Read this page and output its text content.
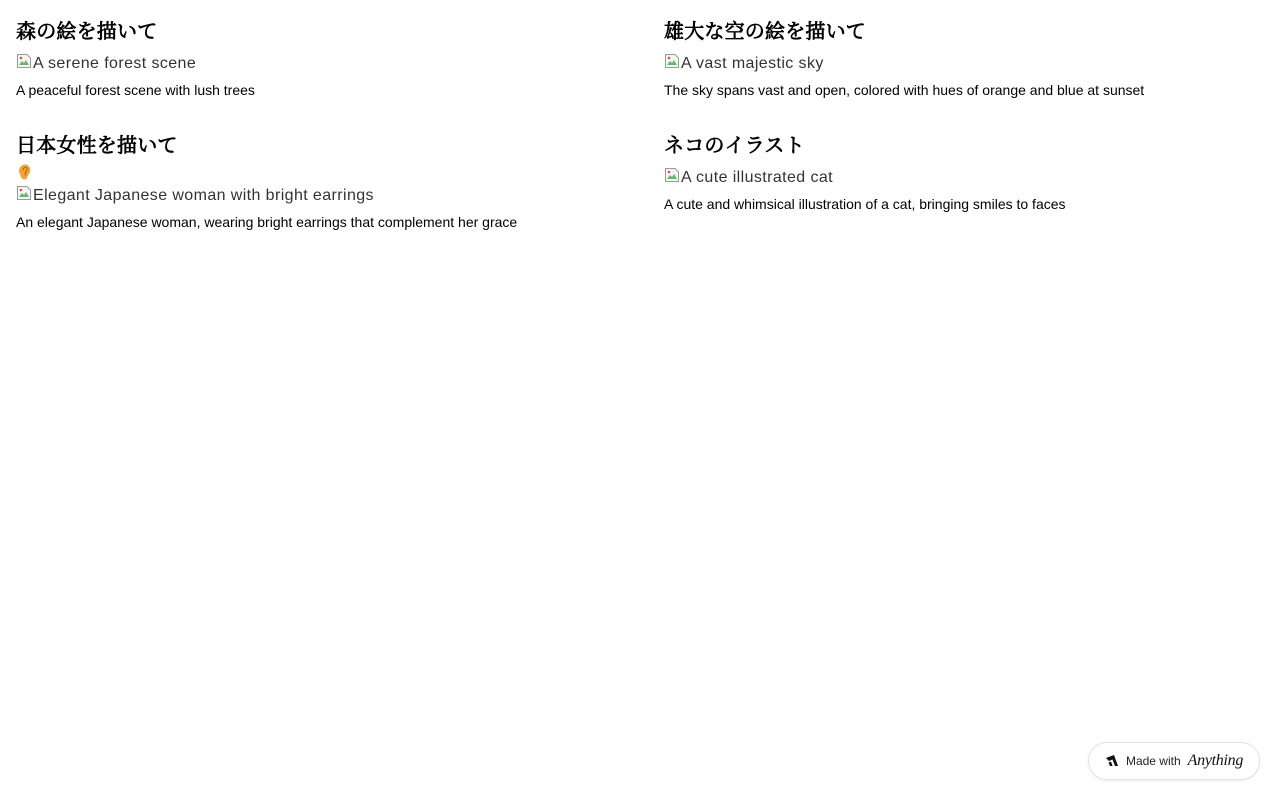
森の絵を描いて
A serene forest scene
A peaceful forest scene with lush trees
雄大な空の絵を描いて
A vast majestic sky
The sky spans vast and open, colored with hues of orange and blue at sunset
日本女性を描いて
Elegant Japanese woman with bright earrings
An elegant Japanese woman, wearing bright earrings that complement her grace
ネコのイラスト
A cute illustrated cat
A cute and whimsical illustration of a cat, bringing smiles to faces
Made with Anything
